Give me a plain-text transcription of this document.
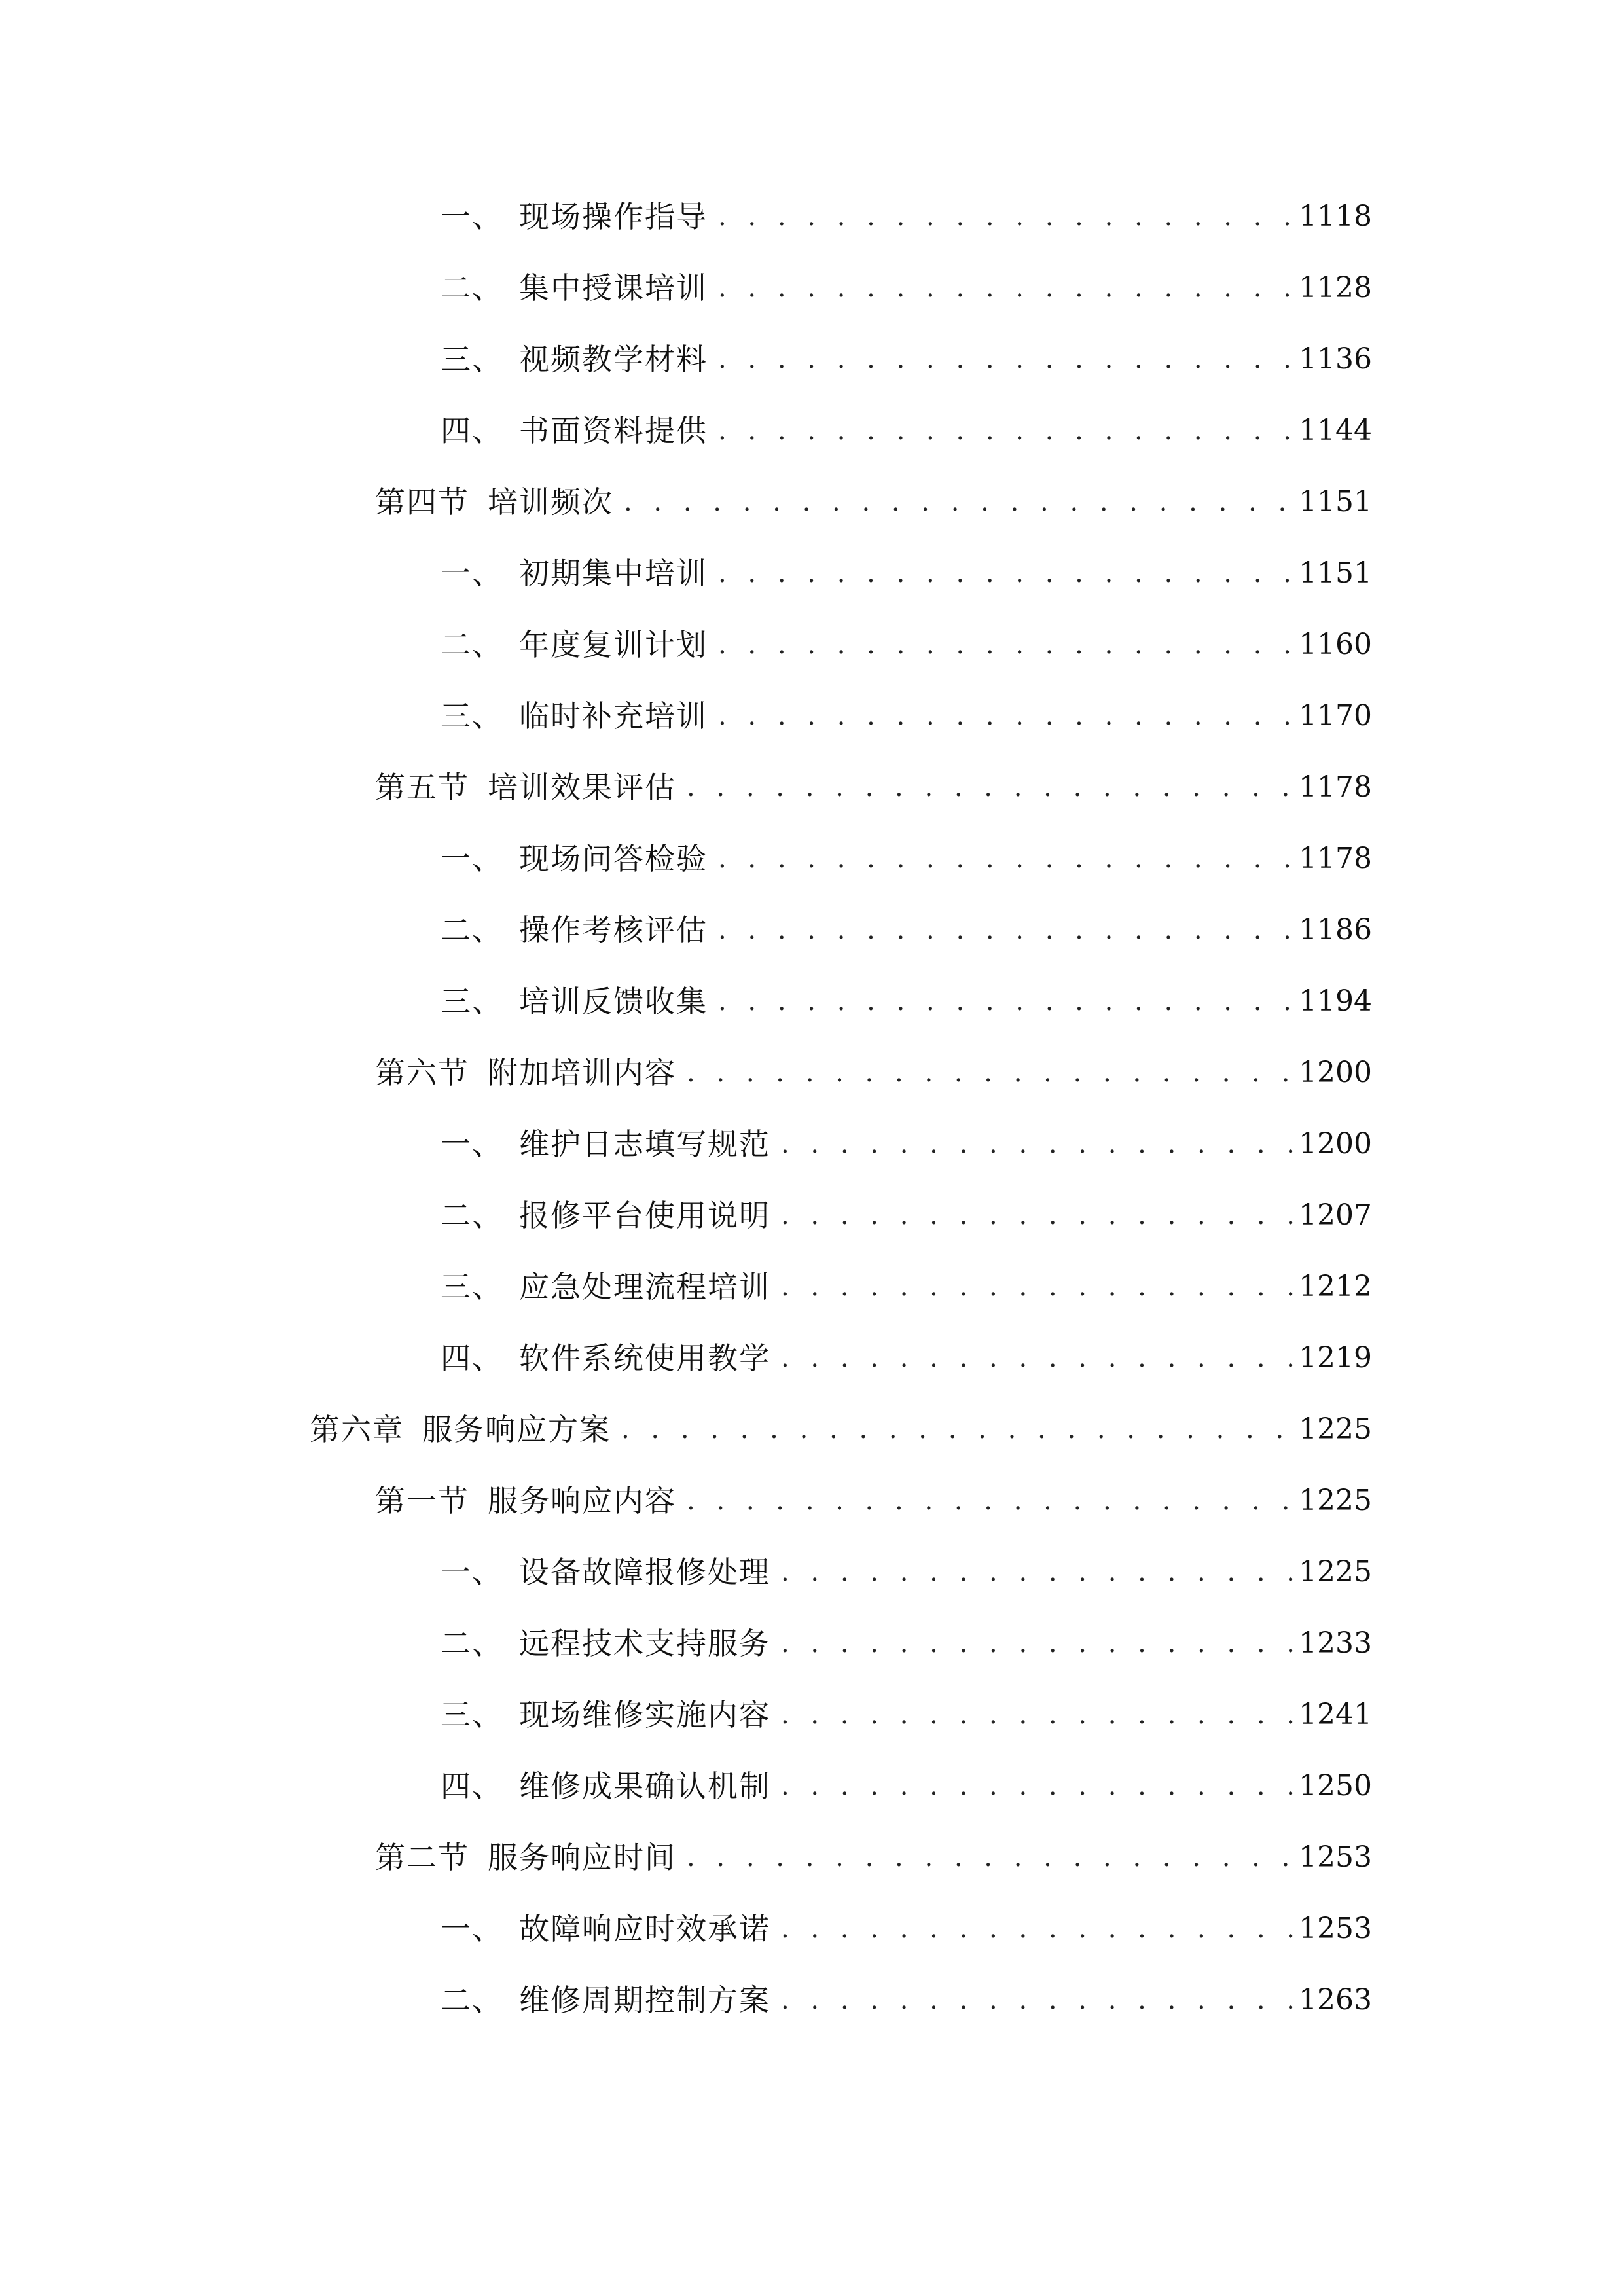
一、 现场操作指导 . . .	1118
二、 集中授课培训 . . .	1128
三、 视频教学材料 . . .	1136
四、 书面资料提供 . . .	1144
第四节 培训频次 . . .	1151
一、 初期集中培训 . . .	1151
二、 年度复训计划 . . .	1160
三、 临时补充培训 . . .	1170
第五节 培训效果评估 . . .	1178
一、 现场问答检验 . . .	1178
二、 操作考核评估 . . .	1186
三、 培训反馈收集 . . .	1194
第六节 附加培训内容 . . .	1200
一、 维护日志填写规范 . . .	1200
二、 报修平台使用说明 . . .	1207
三、 应急处理流程培训 . . .	1212
四、 软件系统使用教学 . . .	1219
第六章 服务响应方案 . . .	1225
第一节 服务响应内容 . . .	1225
一、 设备故障报修处理 . . .	1225
二、 远程技术支持服务 . . .	1233
三、 现场维修实施内容 . . .	1241
四、 维修成果确认机制 . . .	1250
第二节 服务响应时间 . . .	1253
一、 故障响应时效承诺 . . .	1253
二、 维修周期控制方案 . . .	1263
